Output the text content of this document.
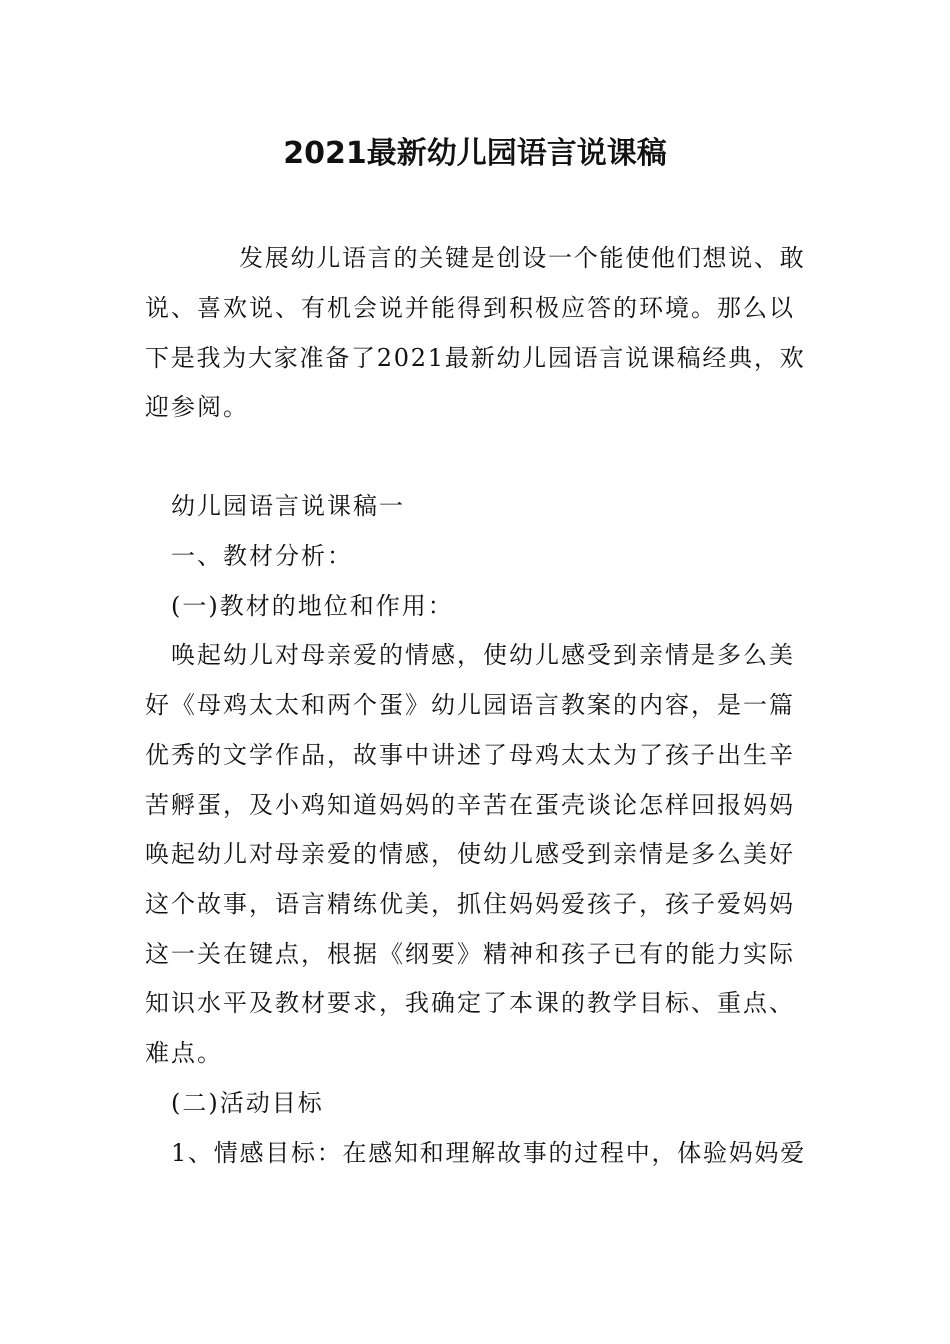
2021最新幼儿园语言说课稿
发展幼儿语言的关键是创设一个能使他们想说、敢
说、喜欢说、有机会说并能得到积极应答的环境。那么以
下是我为大家准备了2021最新幼儿园语言说课稿经典，欢
迎参阅。
幼儿园语言说课稿一
一、教材分析：
(一)教材的地位和作用：
唤起幼儿对母亲爱的情感，使幼儿感受到亲情是多么美
好《母鸡太太和两个蛋》幼儿园语言教案的内容，是一篇
优秀的文学作品，故事中讲述了母鸡太太为了孩子出生辛
苦孵蛋，及小鸡知道妈妈的辛苦在蛋壳谈论怎样回报妈妈
唤起幼儿对母亲爱的情感，使幼儿感受到亲情是多么美好
这个故事，语言精练优美，抓住妈妈爱孩子，孩子爱妈妈
这一关在键点，根据《纲要》精神和孩子已有的能力实际
知识水平及教材要求，我确定了本课的教学目标、重点、
难点。
(二)活动目标
1、情感目标：在感知和理解故事的过程中，体验妈妈爱
